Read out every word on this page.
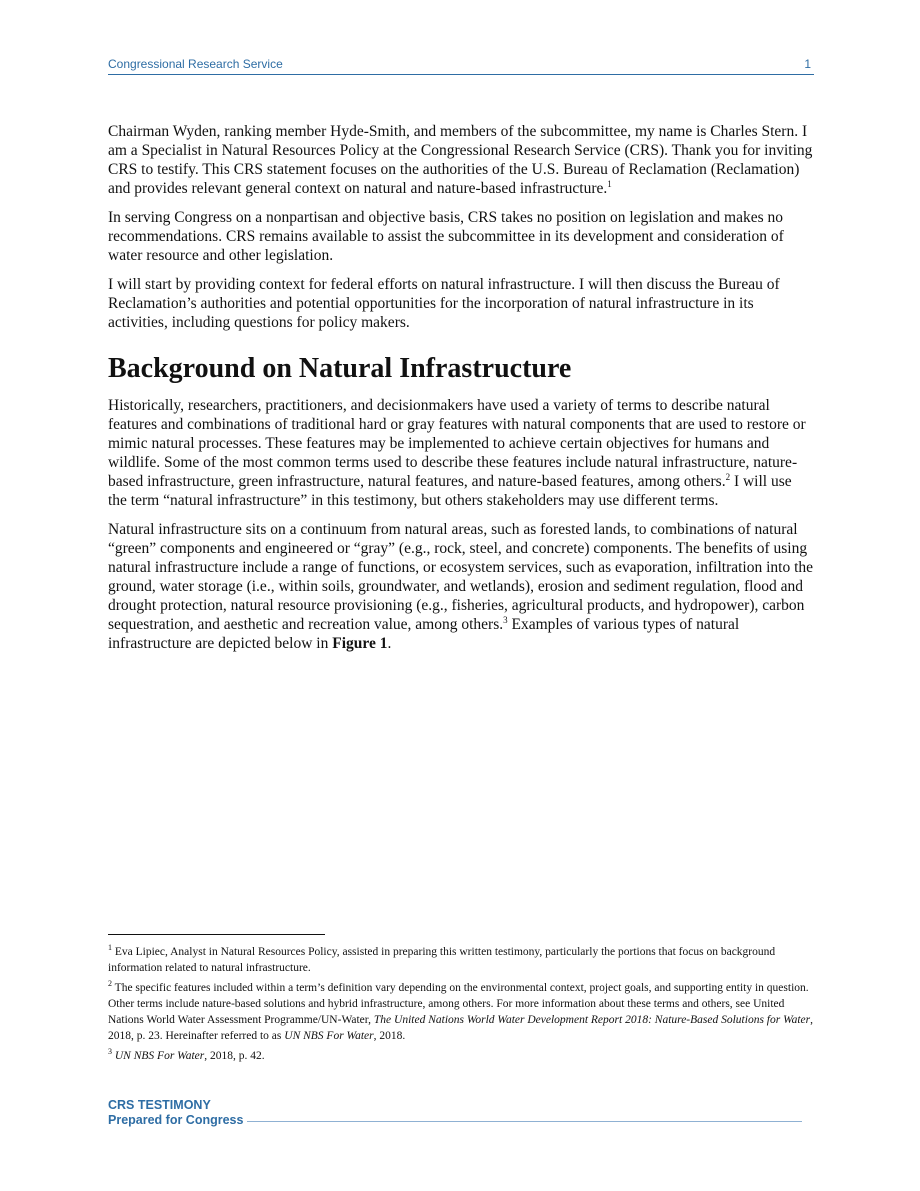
Congressional Research Service	1

Chairman Wyden, ranking member Hyde-Smith, and members of the subcommittee, my name is Charles Stern. I am a Specialist in Natural Resources Policy at the Congressional Research Service (CRS). Thank you for inviting CRS to testify. This CRS statement focuses on the authorities of the U.S. Bureau of Reclamation (Reclamation) and provides relevant general context on natural and nature-based infrastructure.$^1$

In serving Congress on a nonpartisan and objective basis, CRS takes no position on legislation and makes no recommendations. CRS remains available to assist the subcommittee in its development and consideration of water resource and other legislation.

I will start by providing context for federal efforts on natural infrastructure. I will then discuss the Bureau of Reclamation’s authorities and potential opportunities for the incorporation of natural infrastructure in its activities, including questions for policy makers.

Background on Natural Infrastructure

Historically, researchers, practitioners, and decisionmakers have used a variety of terms to describe natural features and combinations of traditional hard or gray features with natural components that are used to restore or mimic natural processes. These features may be implemented to achieve certain objectives for humans and wildlife. Some of the most common terms used to describe these features include natural infrastructure, nature-based infrastructure, green infrastructure, natural features, and nature-based features, among others.$^2$ I will use the term “natural infrastructure” in this testimony, but others stakeholders may use different terms.

Natural infrastructure sits on a continuum from natural areas, such as forested lands, to combinations of natural “green” components and engineered or “gray” (e.g., rock, steel, and concrete) components. The benefits of using natural infrastructure include a range of functions, or ecosystem services, such as evaporation, infiltration into the ground, water storage (i.e., within soils, groundwater, and wetlands), erosion and sediment regulation, flood and drought protection, natural resource provisioning (e.g., fisheries, agricultural products, and hydropower), carbon sequestration, and aesthetic and recreation value, among others.$^3$ Examples of various types of natural infrastructure are depicted below in Figure 1.

$^1$ Eva Lipiec, Analyst in Natural Resources Policy, assisted in preparing this written testimony, particularly the portions that focus on background information related to natural infrastructure.

$^2$ The specific features included within a term’s definition vary depending on the environmental context, project goals, and supporting entity in question. Other terms include nature-based solutions and hybrid infrastructure, among others. For more information about these terms and others, see United Nations World Water Assessment Programme/UN-Water, The United Nations World Water Development Report 2018: Nature-Based Solutions for Water, 2018, p. 23. Hereinafter referred to as UN NBS For Water, 2018.

$^3$ UN NBS For Water, 2018, p. 42.

CRS TESTIMONY
Prepared for Congress
